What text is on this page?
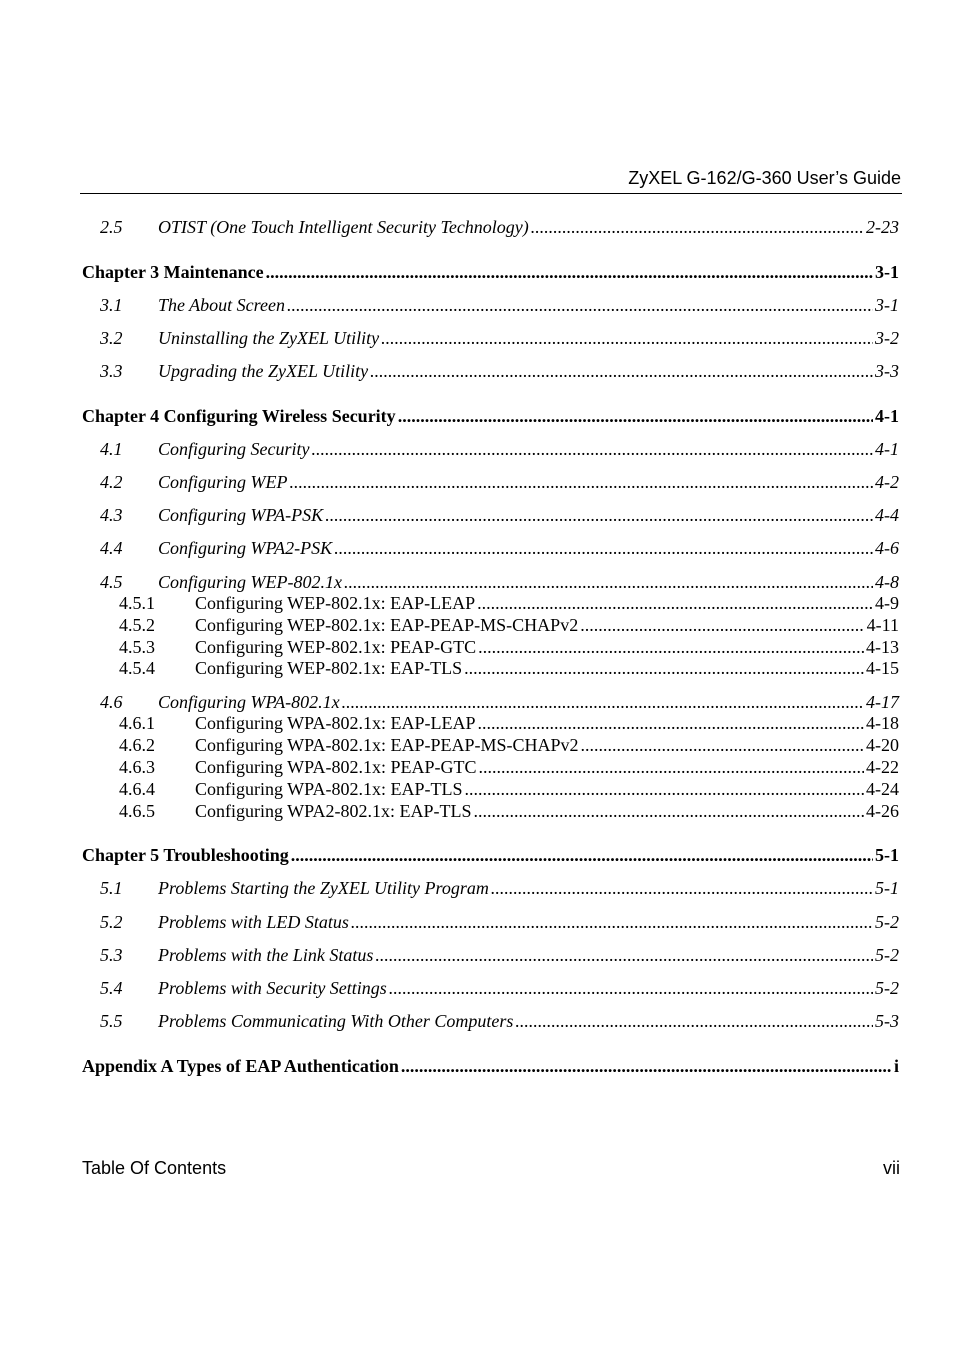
ZyXEL G-162/G-360 User’s Guide
2.5	OTIST (One Touch Intelligent Security Technology) .....	2-23
Chapter 3 Maintenance .....	3-1
3.1	The About Screen .....	3-1
3.2	Uninstalling the ZyXEL Utility .....	3-2
3.3	Upgrading the ZyXEL Utility .....	3-3
Chapter 4 Configuring Wireless Security .....	4-1
4.1	Configuring Security .....	4-1
4.2	Configuring WEP .....	4-2
4.3	Configuring WPA-PSK .....	4-4
4.4	Configuring WPA2-PSK .....	4-6
4.5	Configuring WEP-802.1x .....	4-8
4.5.1	Configuring WEP-802.1x: EAP-LEAP .....	4-9
4.5.2	Configuring WEP-802.1x: EAP-PEAP-MS-CHAPv2 .....	4-11
4.5.3	Configuring WEP-802.1x: PEAP-GTC .....	4-13
4.5.4	Configuring WEP-802.1x: EAP-TLS .....	4-15
4.6	Configuring WPA-802.1x .....	4-17
4.6.1	Configuring WPA-802.1x: EAP-LEAP .....	4-18
4.6.2	Configuring WPA-802.1x: EAP-PEAP-MS-CHAPv2 .....	4-20
4.6.3	Configuring WPA-802.1x: PEAP-GTC .....	4-22
4.6.4	Configuring WPA-802.1x: EAP-TLS .....	4-24
4.6.5	Configuring WPA2-802.1x: EAP-TLS .....	4-26
Chapter 5 Troubleshooting .....	5-1
5.1	Problems Starting the ZyXEL Utility Program .....	5-1
5.2	Problems with LED Status .....	5-2
5.3	Problems with the Link Status .....	5-2
5.4	Problems with Security Settings .....	5-2
5.5	Problems Communicating With Other Computers .....	5-3
Appendix A Types of EAP Authentication .....	i
Table Of Contents	vii
